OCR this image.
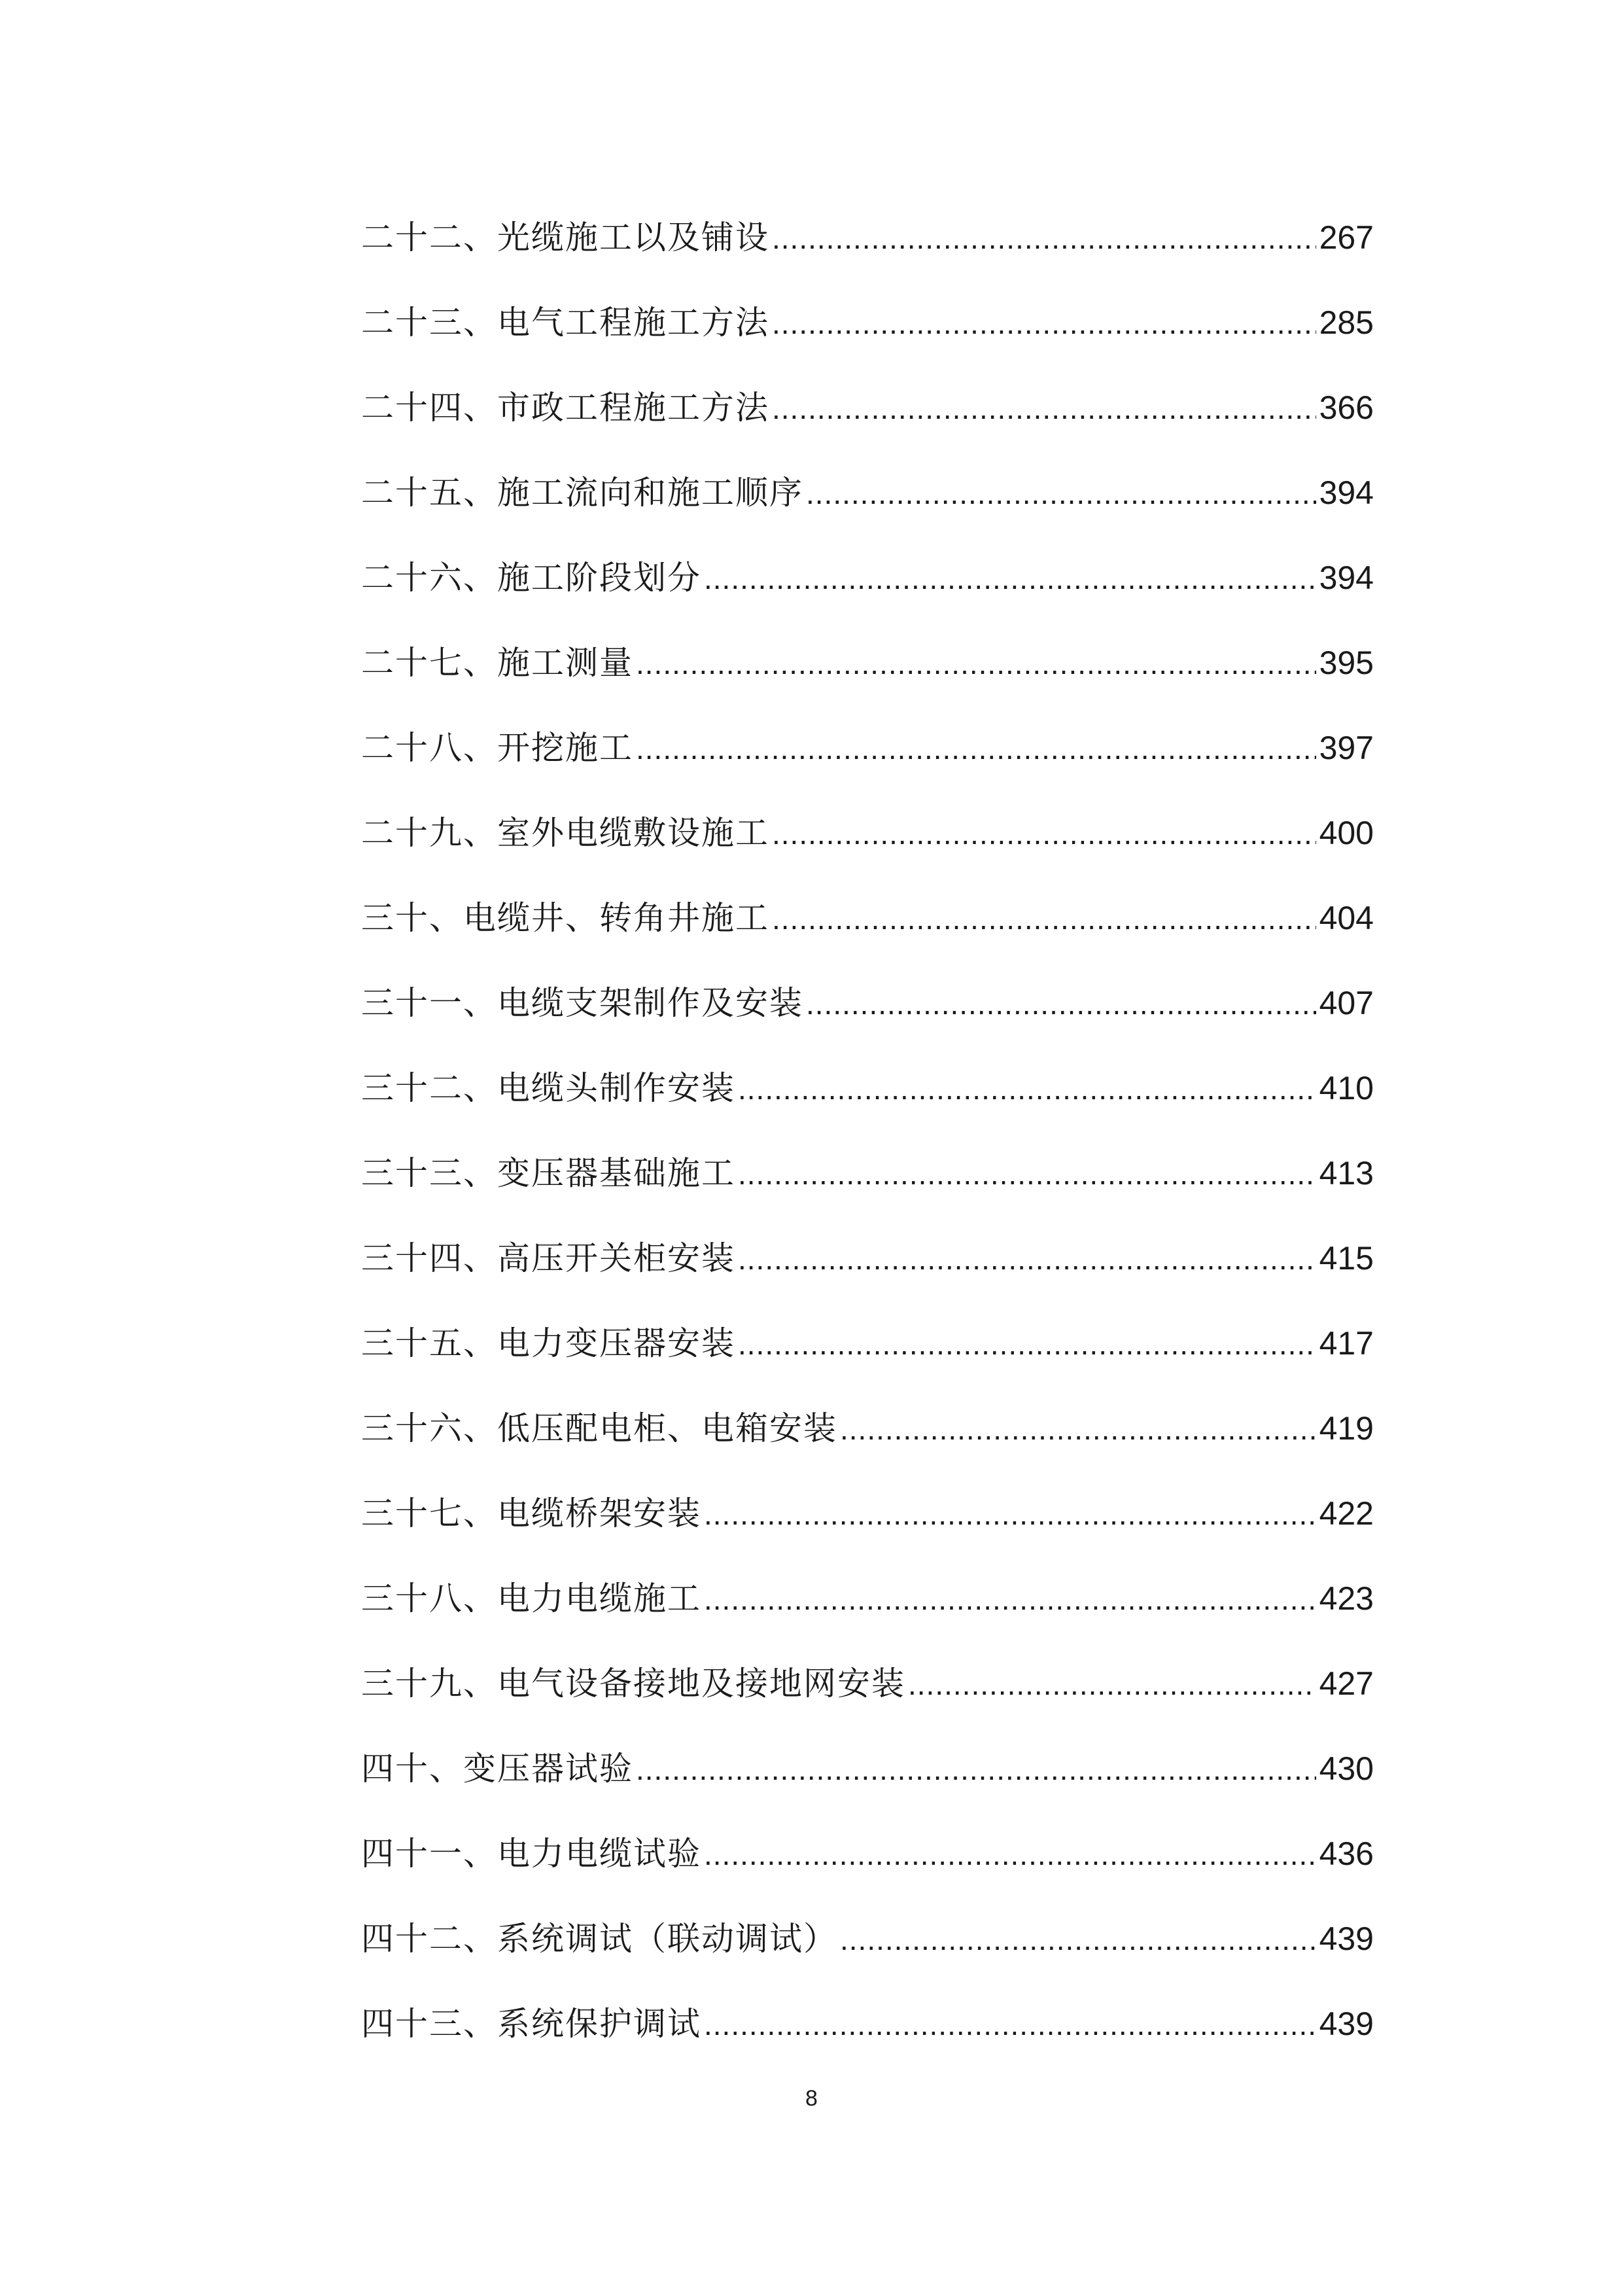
二十二、光缆施工以及铺设 .....	267
二十三、电气工程施工方法 .....	285
二十四、市政工程施工方法 .....	366
二十五、施工流向和施工顺序 .....	394
二十六、施工阶段划分 .....	394
二十七、施工测量 .....	395
二十八、开挖施工 .....	397
二十九、室外电缆敷设施工 .....	400
三十、电缆井、转角井施工 .....	404
三十一、电缆支架制作及安装 .....	407
三十二、电缆头制作安装 .....	410
三十三、变压器基础施工 .....	413
三十四、高压开关柜安装 .....	415
三十五、电力变压器安装 .....	417
三十六、低压配电柜、电箱安装 .....	419
三十七、电缆桥架安装 .....	422
三十八、电力电缆施工 .....	423
三十九、电气设备接地及接地网安装 .....	427
四十、变压器试验 .....	430
四十一、电力电缆试验 .....	436
四十二、系统调试（联动调试） .....	439
四十三、系统保护调试 .....	439
8
